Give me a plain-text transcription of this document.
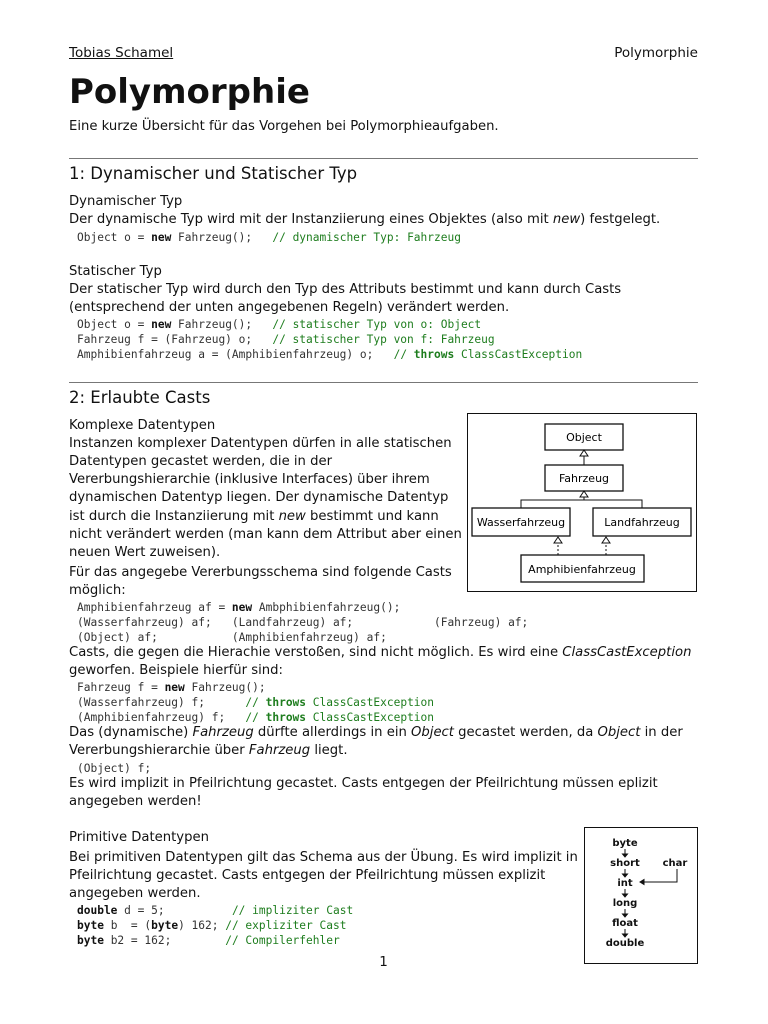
Tobias Schamel	Polymorphie
Polymorphie
Eine kurze Übersicht für das Vorgehen bei Polymorphieaufgaben.
1: Dynamischer und Statischer Typ
Dynamischer Typ
Der dynamische Typ wird mit der Instanziierung eines Objektes (also mit new) festgelegt.
Object o = new Fahrzeug();   // dynamischer Typ: Fahrzeug
Statischer Typ
Der statischer Typ wird durch den Typ des Attributs bestimmt und kann durch Casts
(entsprechend der unten angegebenen Regeln) verändert werden.
Object o = new Fahrzeug();   // statischer Typ von o: Object
Fahrzeug f = (Fahrzeug) o;   // statischer Typ von f: Fahrzeug
Amphibienfahrzeug a = (Amphibienfahrzeug) o;   // throws ClassCastException
2: Erlaubte Casts
Komplexe Datentypen
Instanzen komplexer Datentypen dürfen in alle statischen
Datentypen gecastet werden, die in der
Vererbungshierarchie (inklusive Interfaces) über ihrem
dynamischen Datentyp liegen. Der dynamische Datentyp
ist durch die Instanziierung mit new bestimmt und kann
nicht verändert werden (man kann dem Attribut aber einen
neuen Wert zuweisen).
Für das angegebe Vererbungsschema sind folgende Casts
möglich:
Object
Fahrzeug
Wasserfahrzeug	Landfahrzeug
Amphibienfahrzeug
Amphibienfahrzeug af = new Ambphibienfahrzeug();
(Wasserfahrzeug) af;   (Landfahrzeug) af;            (Fahrzeug) af;
(Object) af;           (Amphibienfahrzeug) af;
Casts, die gegen die Hierachie verstoßen, sind nicht möglich. Es wird eine ClassCastException
geworfen. Beispiele hierfür sind:
Fahrzeug f = new Fahrzeug();
(Wasserfahrzeug) f;      // throws ClassCastException
(Amphibienfahrzeug) f;   // throws ClassCastException
Das (dynamische) Fahrzeug dürfte allerdings in ein Object gecastet werden, da Object in der
Vererbungshierarchie über Fahrzeug liegt.
(Object) f;
Es wird implizit in Pfeilrichtung gecastet. Casts entgegen der Pfeilrichtung müssen eplizit
angegeben werden!
Primitive Datentypen
Bei primitiven Datentypen gilt das Schema aus der Übung. Es wird implizit in
Pfeilrichtung gecastet. Casts entgegen der Pfeilrichtung müssen explizit
angegeben werden.
double d = 5;          // impliziter Cast
byte b  = (byte) 162; // expliziter Cast
byte b2 = 162;        // Compilerfehler
byte
short char
int
long
float
double
1
